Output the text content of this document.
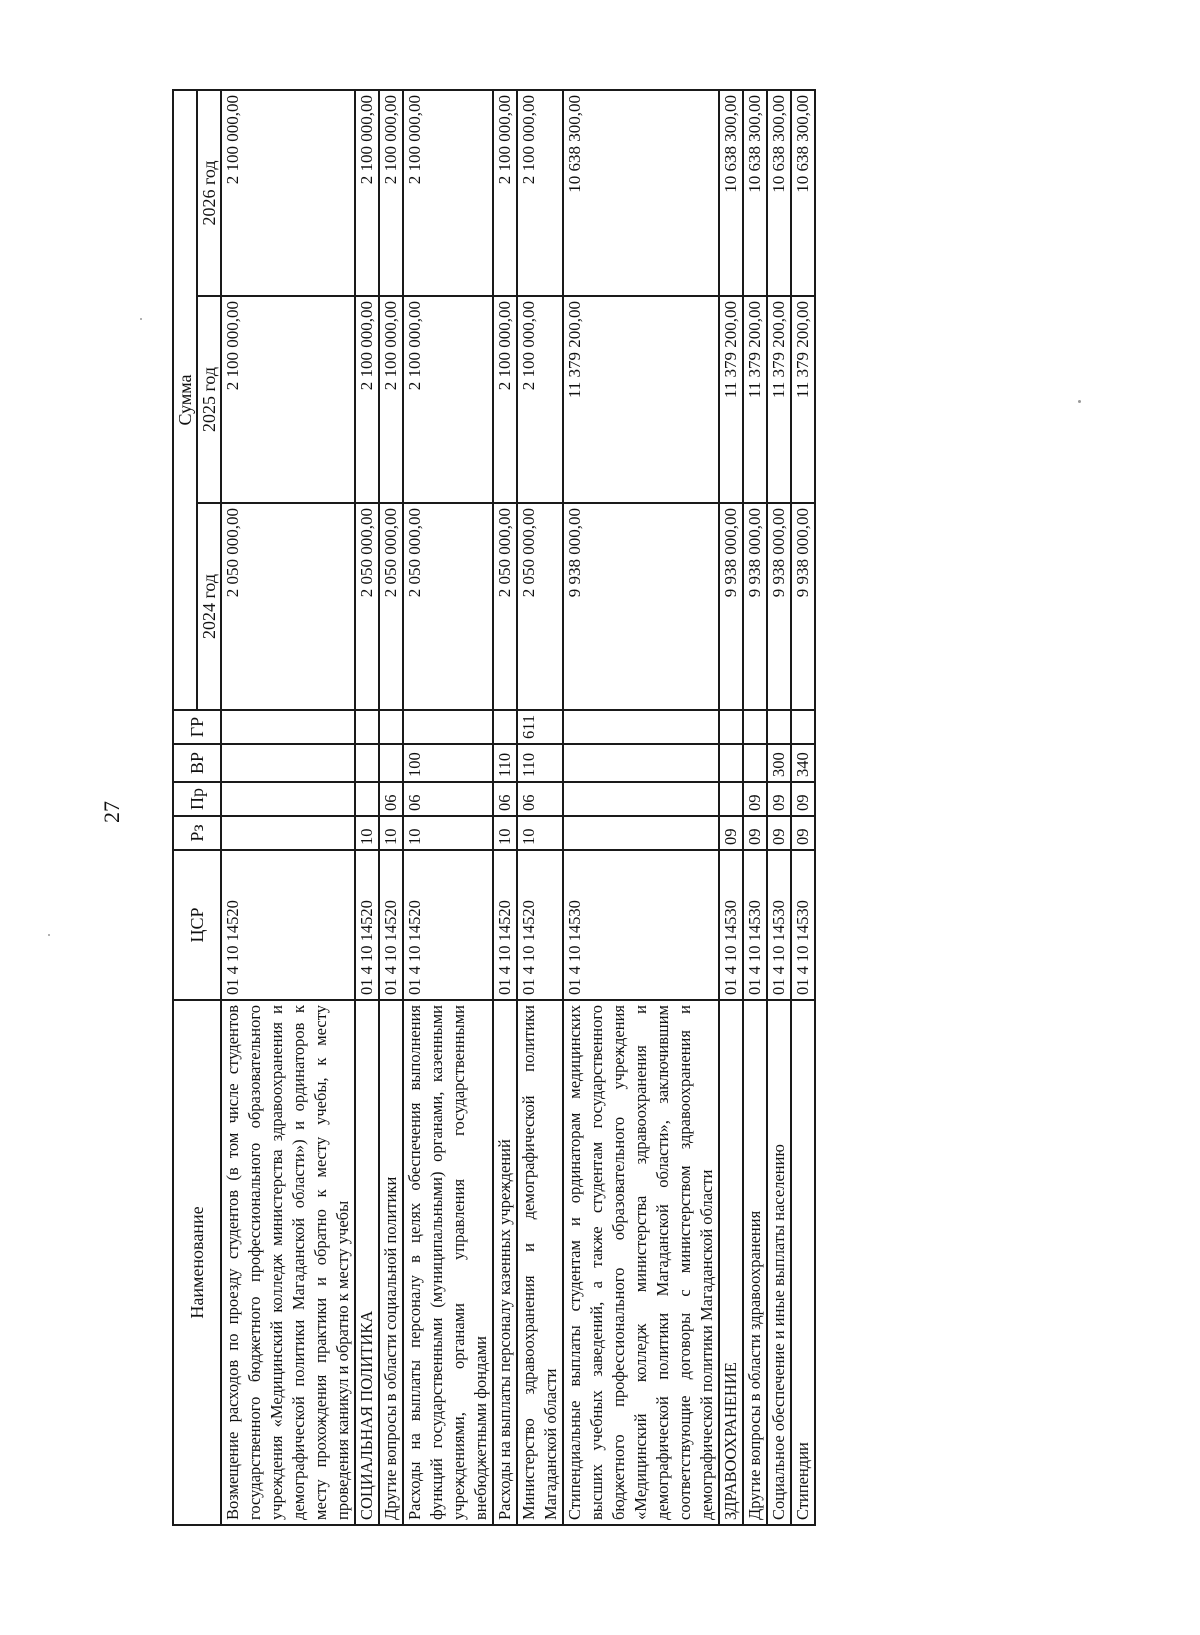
27
Наименование	ЦСР	Рз	Пр	ВР	ГР	Сумма		
						2024 год	2025 год	2026 год
Возмещение расходов по проезду студентов (в том числе студентов государственного бюджетного профессионального образовательного учреждения «Медицинский колледж министерства здравоохранения и демографической политики Магаданской области») и ординаторов к месту прохождения практики и обратно к месту учебы, к месту проведения каникул и обратно к месту учебы	01 4 10 14520					2 050 000,00	2 100 000,00	2 100 000,00
СОЦИАЛЬНАЯ ПОЛИТИКА	01 4 10 14520	10				2 050 000,00	2 100 000,00	2 100 000,00
Другие вопросы в области социальной политики	01 4 10 14520	10	06			2 050 000,00	2 100 000,00	2 100 000,00
Расходы на выплаты персоналу в целях обеспечения выполнения функций государственными (муниципальными) органами, казенными учреждениями, органами управления государственными внебюджетными фондами	01 4 10 14520	10	06	100		2 050 000,00	2 100 000,00	2 100 000,00
Расходы на выплаты персоналу казенных учреждений	01 4 10 14520	10	06	110		2 050 000,00	2 100 000,00	2 100 000,00
Министерство здравоохранения и демографической политики Магаданской области	01 4 10 14520	10	06	110	611	2 050 000,00	2 100 000,00	2 100 000,00
Стипендиальные выплаты студентам и ординаторам медицинских высших учебных заведений, а также студентам государственного бюджетного профессионального образовательного учреждения «Медицинский колледж министерства здравоохранения и демографической политики Магаданской области», заключившим соответствующие договоры с министерством здравоохранения и демографической политики Магаданской области	01 4 10 14530					9 938 000,00	11 379 200,00	10 638 300,00
ЗДРАВООХРАНЕНИЕ	01 4 10 14530	09				9 938 000,00	11 379 200,00	10 638 300,00
Другие вопросы в области здравоохранения	01 4 10 14530	09	09			9 938 000,00	11 379 200,00	10 638 300,00
Социальное обеспечение и иные выплаты населению	01 4 10 14530	09	09	300		9 938 000,00	11 379 200,00	10 638 300,00
Стипендии	01 4 10 14530	09	09	340		9 938 000,00	11 379 200,00	10 638 300,00
